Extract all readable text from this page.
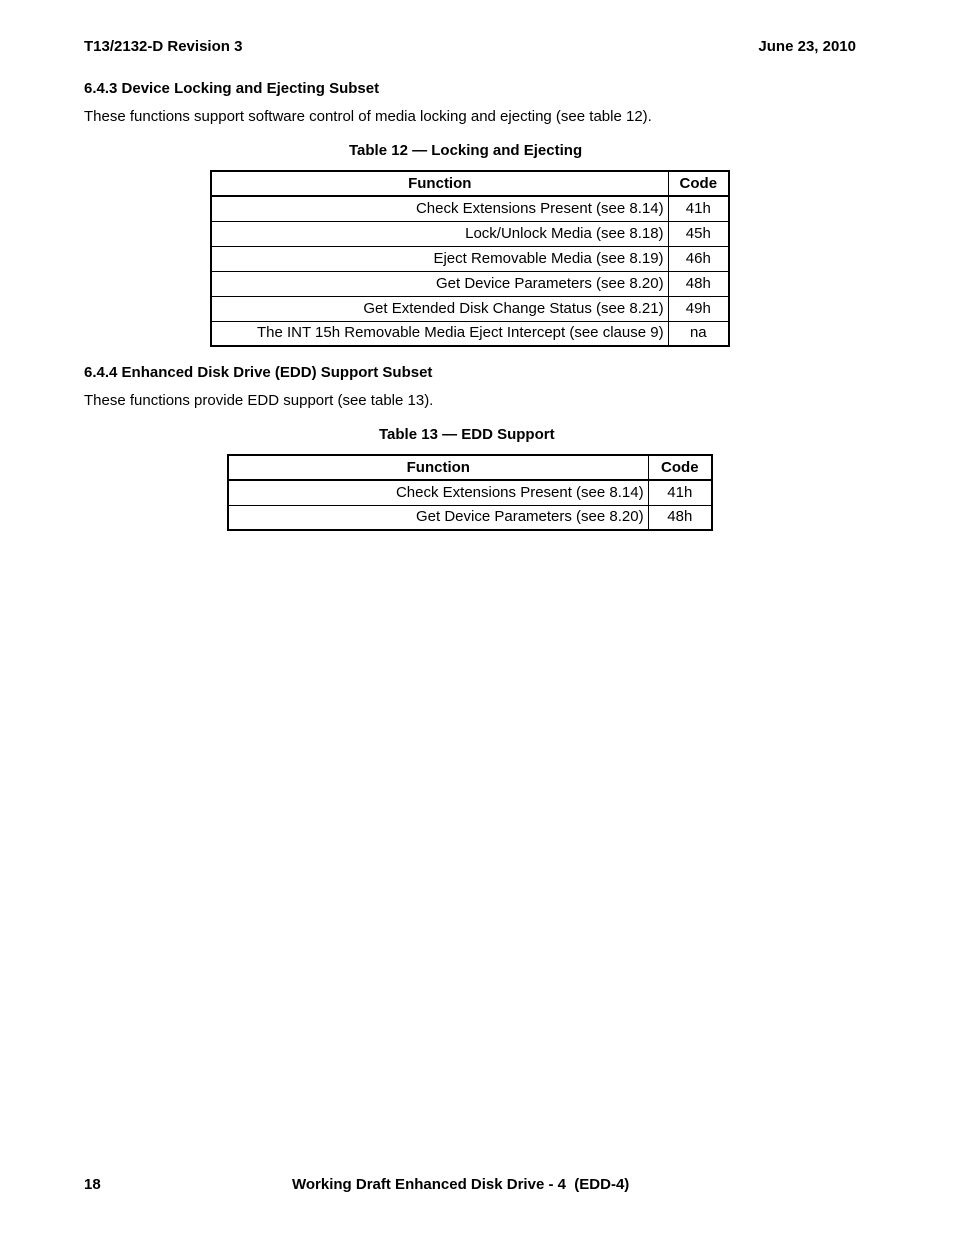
T13/2132-D Revision 3	June 23, 2010
6.4.3 Device Locking and Ejecting Subset
These functions support software control of media locking and ejecting (see table 12).
Table 12 — Locking and Ejecting
Function	Code
Check Extensions Present (see 8.14)	41h
Lock/Unlock Media (see 8.18)	45h
Eject Removable Media (see 8.19)	46h
Get Device Parameters (see 8.20)	48h
Get Extended Disk Change Status (see 8.21)	49h
The INT 15h Removable Media Eject Intercept (see clause 9)	na
6.4.4 Enhanced Disk Drive (EDD) Support Subset
These functions provide EDD support (see table 13).
Table 13 — EDD Support
Function	Code
Check Extensions Present (see 8.14)	41h
Get Device Parameters (see 8.20)	48h
18	Working Draft Enhanced Disk Drive - 4  (EDD-4)
